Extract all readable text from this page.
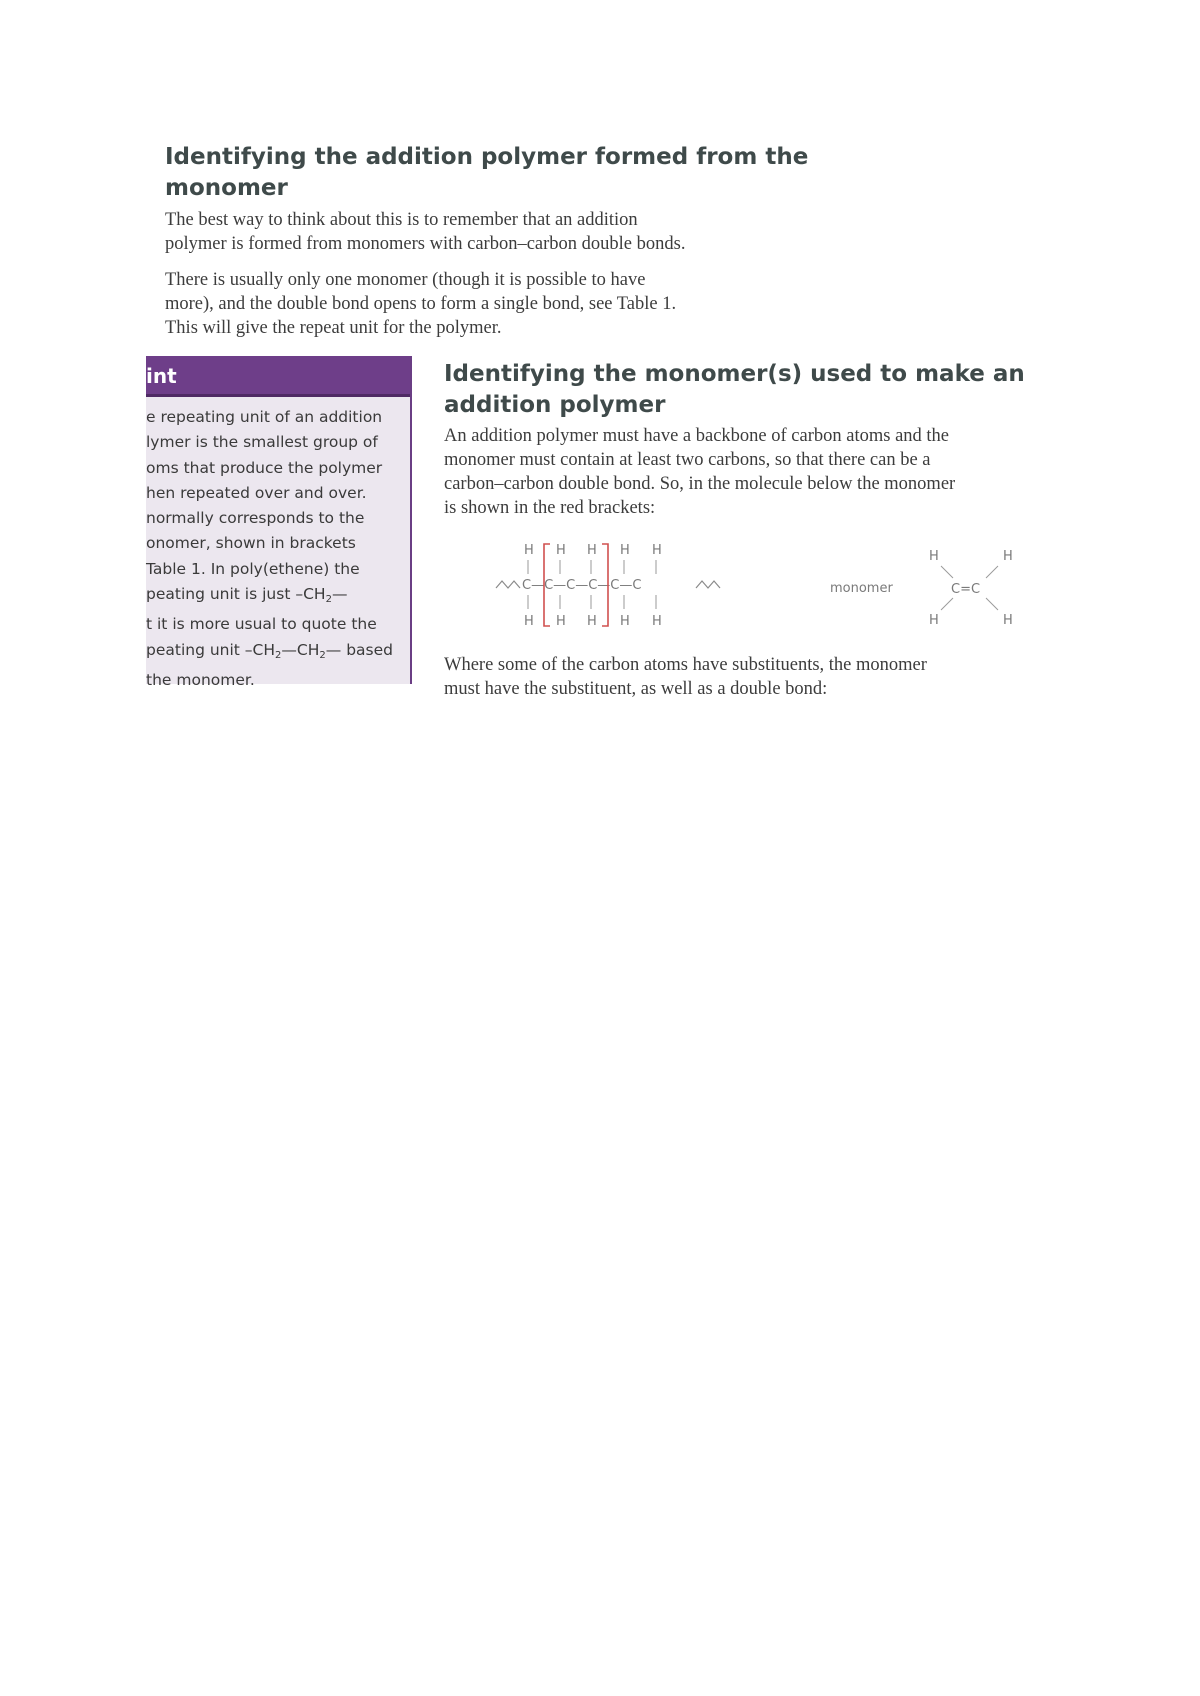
Identifying the addition polymer formed from the
monomer

The best way to think about this is to remember that an addition
polymer is formed from monomers with carbon–carbon double bonds.

There is usually only one monomer (though it is possible to have
more), and the double bond opens to form a single bond, see Table 1.
This will give the repeat unit for the polymer.

int
e repeating unit of an addition
lymer is the smallest group of
oms that produce the polymer
hen repeated over and over.
normally corresponds to the
onomer, shown in brackets
Table 1. In poly(ethene) the
peating unit is just $-CH_2—$
t it is more usual to quote the
peating unit $-CH_2—CH_2—$ based
the monomer.
Identifying the monomer(s) used to make an
addition polymer

An addition polymer must have a backbone of carbon atoms and the
monomer must contain at least two carbons, so that there can be a
carbon–carbon double bond. So, in the molecule below the monomer
is shown in the red brackets:

H H H H H
C—C—C—C—C—C
H H H H H
monomer
H	H
H	H
C=C

Where some of the carbon atoms have substituents, the monomer
must have the substituent, as well as a double bond:
